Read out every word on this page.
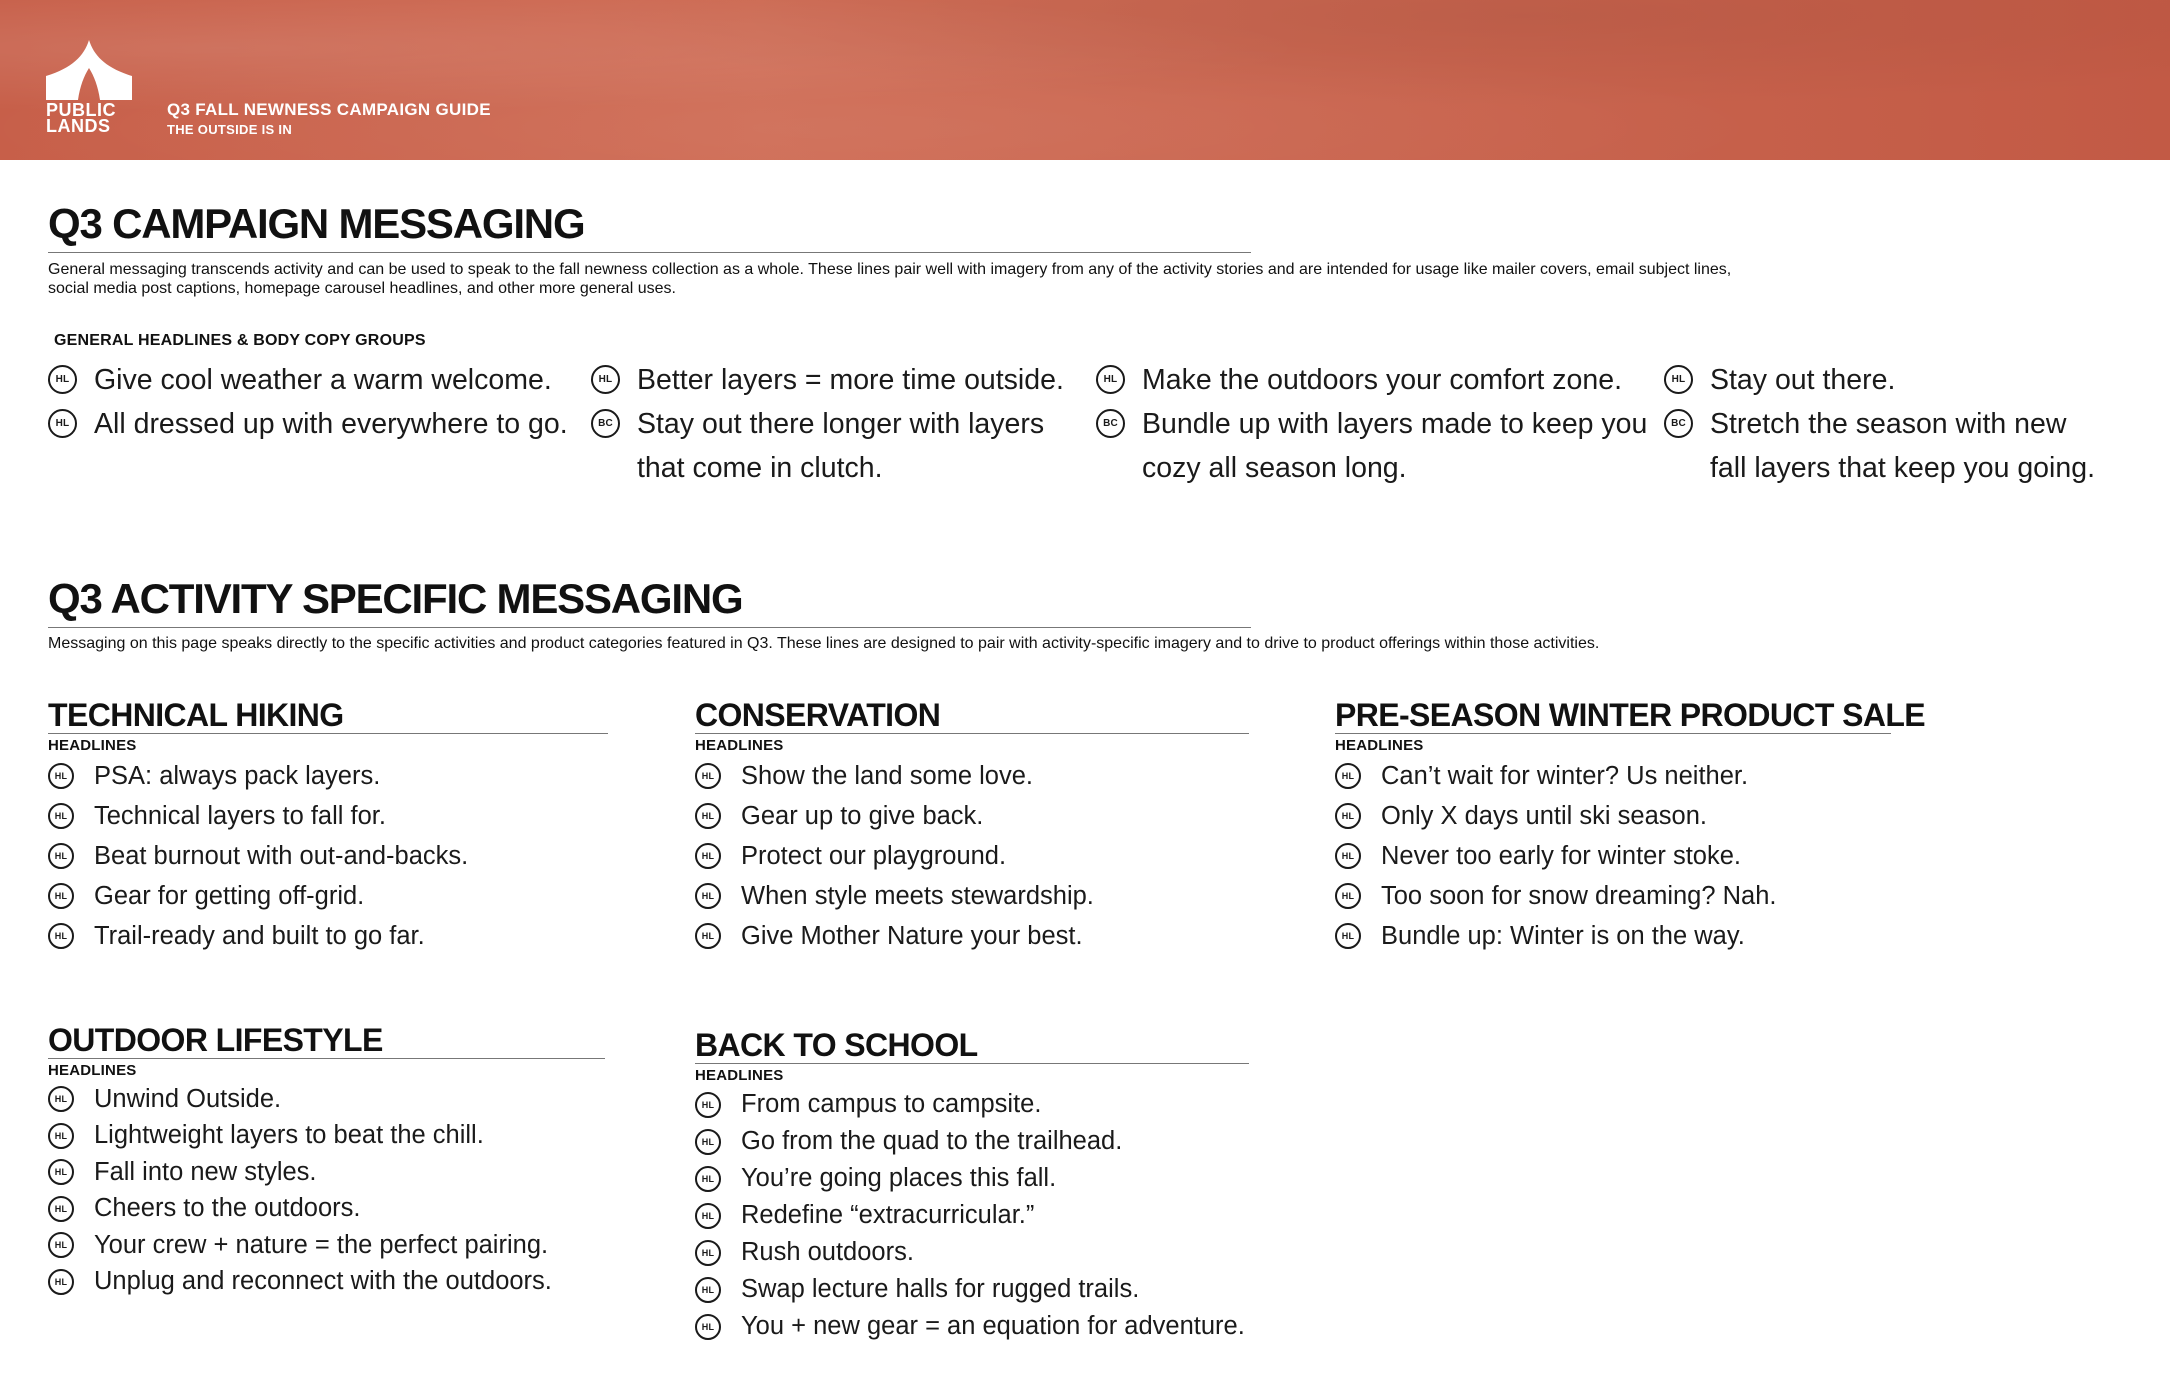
PUBLIC
LANDS
Q3 FALL NEWNESS CAMPAIGN GUIDE
THE OUTSIDE IS IN
Q3 CAMPAIGN MESSAGING
General messaging transcends activity and can be used to speak to the fall newness collection as a whole. These lines pair well with imagery from any of the activity stories and are intended for usage like mailer covers, email subject lines, social media post captions, homepage carousel headlines, and other more general uses.
GENERAL HEADLINES & BODY COPY GROUPS
HL Give cool weather a warm welcome.
HL All dressed up with everywhere to go.
HL Better layers = more time outside.
BC Stay out there longer with layers
that come in clutch.
HL Make the outdoors your comfort zone.
BC Bundle up with layers made to keep you
cozy all season long.
HL Stay out there.
BC Stretch the season with new
fall layers that keep you going.
Q3 ACTIVITY SPECIFIC MESSAGING
Messaging on this page speaks directly to the specific activities and product categories featured in Q3. These lines are designed to pair with activity-specific imagery and to drive to product offerings within those activities.
TECHNICAL HIKING
HEADLINES
HL PSA: always pack layers.
HL Technical layers to fall for.
HL Beat burnout with out-and-backs.
HL Gear for getting off-grid.
HL Trail-ready and built to go far.
CONSERVATION
HEADLINES
HL Show the land some love.
HL Gear up to give back.
HL Protect our playground.
HL When style meets stewardship.
HL Give Mother Nature your best.
PRE-SEASON WINTER PRODUCT SALE
HEADLINES
HL Can’t wait for winter? Us neither.
HL Only X days until ski season.
HL Never too early for winter stoke.
HL Too soon for snow dreaming? Nah.
HL Bundle up: Winter is on the way.
OUTDOOR LIFESTYLE
HEADLINES
HL Unwind Outside.
HL Lightweight layers to beat the chill.
HL Fall into new styles.
HL Cheers to the outdoors.
HL Your crew + nature = the perfect pairing.
HL Unplug and reconnect with the outdoors.
BACK TO SCHOOL
HEADLINES
HL From campus to campsite.
HL Go from the quad to the trailhead.
HL You’re going places this fall.
HL Redefine “extracurricular.”
HL Rush outdoors.
HL Swap lecture halls for rugged trails.
HL You + new gear = an equation for adventure.
